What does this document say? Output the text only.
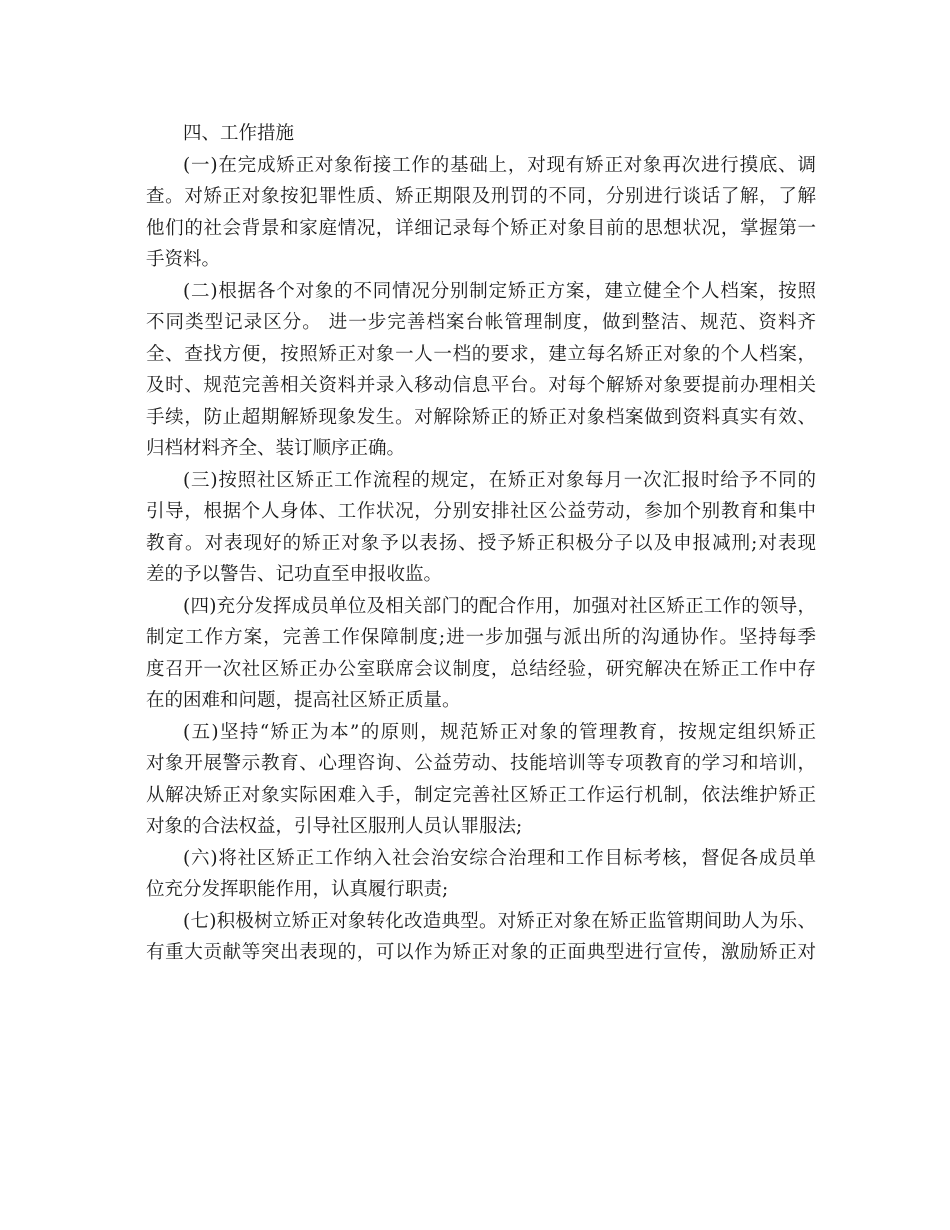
四、工作措施
(一)在完成矫正对象衔接工作的基础上，对现有矫正对象再次进行摸底、调
查。对矫正对象按犯罪性质、矫正期限及刑罚的不同，分别进行谈话了解，了解
他们的社会背景和家庭情况，详细记录每个矫正对象目前的思想状况，掌握第一
手资料。
(二)根据各个对象的不同情况分别制定矫正方案，建立健全个人档案，按照
不同类型记录区分。 进一步完善档案台帐管理制度，做到整洁、规范、资料齐
全、查找方便，按照矫正对象一人一档的要求，建立每名矫正对象的个人档案，
及时、规范完善相关资料并录入移动信息平台。对每个解矫对象要提前办理相关
手续，防止超期解矫现象发生。对解除矫正的矫正对象档案做到资料真实有效、
归档材料齐全、装订顺序正确。
(三)按照社区矫正工作流程的规定，在矫正对象每月一次汇报时给予不同的
引导，根据个人身体、工作状况，分别安排社区公益劳动，参加个别教育和集中
教育。对表现好的矫正对象予以表扬、授予矫正积极分子以及申报减刑;对表现
差的予以警告、记功直至申报收监。
(四)充分发挥成员单位及相关部门的配合作用，加强对社区矫正工作的领导，
制定工作方案，完善工作保障制度;进一步加强与派出所的沟通协作。坚持每季
度召开一次社区矫正办公室联席会议制度，总结经验，研究解决在矫正工作中存
在的困难和问题，提高社区矫正质量。
(五)坚持“矫正为本”的原则，规范矫正对象的管理教育，按规定组织矫正
对象开展警示教育、心理咨询、公益劳动、技能培训等专项教育的学习和培训，
从解决矫正对象实际困难入手，制定完善社区矫正工作运行机制，依法维护矫正
对象的合法权益，引导社区服刑人员认罪服法;
(六)将社区矫正工作纳入社会治安综合治理和工作目标考核，督促各成员单
位充分发挥职能作用，认真履行职责;
(七)积极树立矫正对象转化改造典型。对矫正对象在矫正监管期间助人为乐、
有重大贡献等突出表现的，可以作为矫正对象的正面典型进行宣传，激励矫正对
